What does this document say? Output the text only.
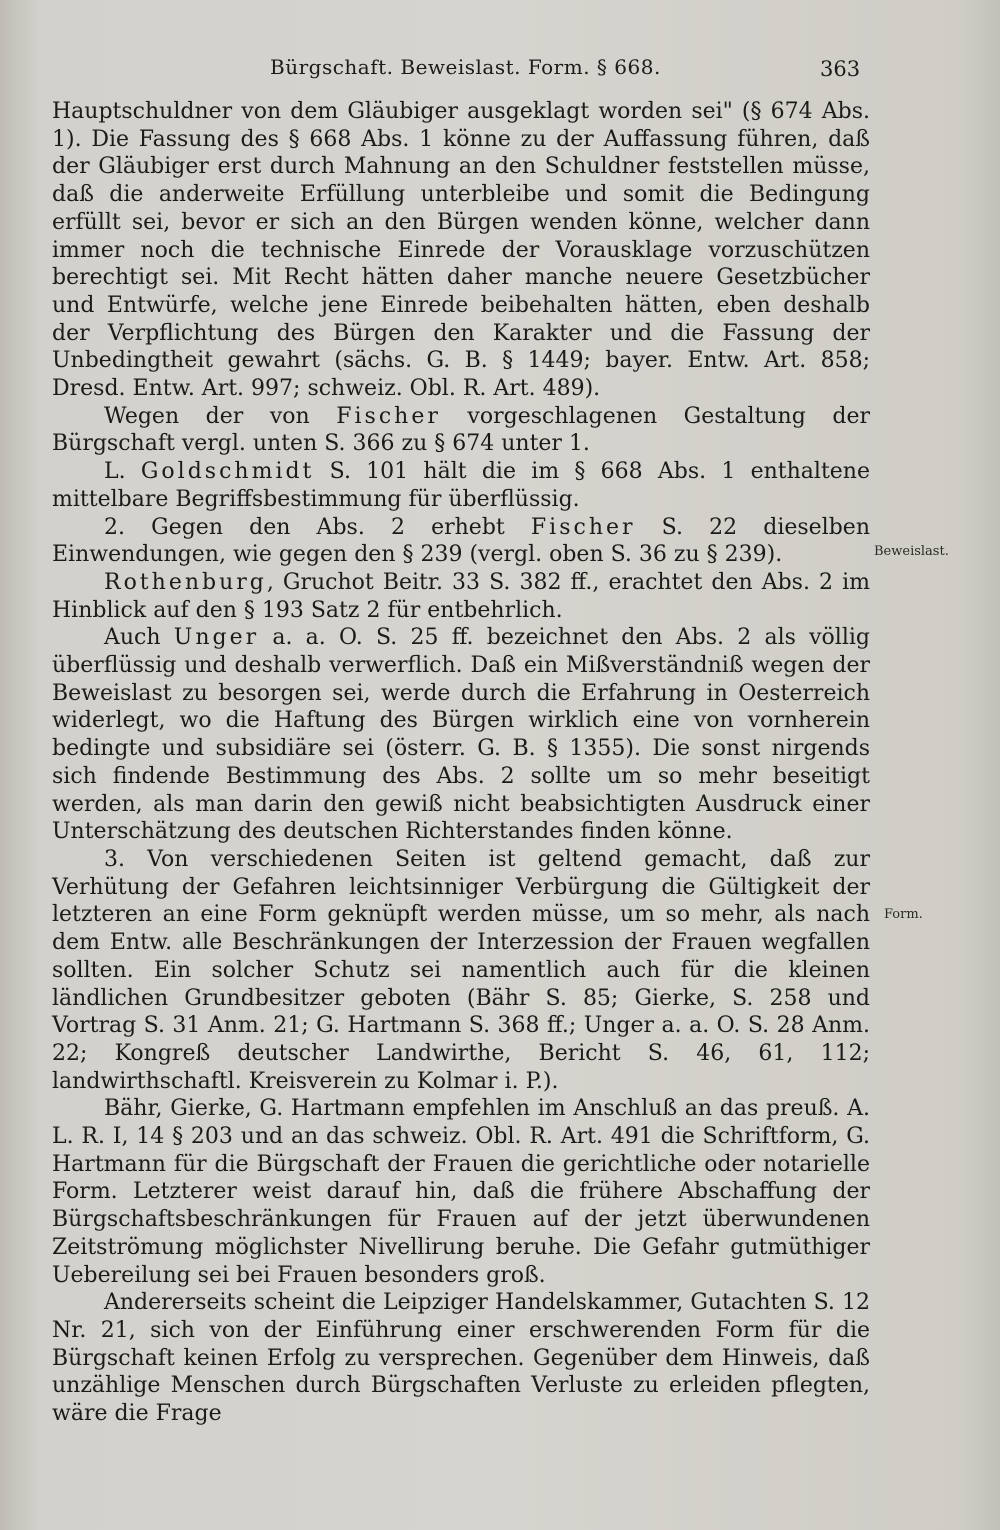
Bürgschaft. Beweislast. Form. § 668.	363

Hauptschuldner von dem Gläubiger ausgeklagt worden sei" (§ 674 Abs. 1). Die Fassung des § 668 Abs. 1 könne zu der Auffassung führen, daß der Gläubiger erst durch Mahnung an den Schuldner feststellen müsse, daß die anderweite Erfüllung unterbleibe und somit die Bedingung erfüllt sei, bevor er sich an den Bürgen wenden könne, welcher dann immer noch die technische Einrede der Vorausklage vorzuschützen berechtigt sei. Mit Recht hätten daher manche neuere Gesetzbücher und Entwürfe, welche jene Einrede beibehalten hätten, eben deshalb der Verpflichtung des Bürgen den Karakter und die Fassung der Unbedingtheit gewahrt (sächs. G. B. § 1449; bayer. Entw. Art. 858; Dresd. Entw. Art. 997; schweiz. Obl. R. Art. 489).

Wegen der von Fischer vorgeschlagenen Gestaltung der Bürgschaft vergl. unten S. 366 zu § 674 unter 1.

L. Goldschmidt S. 101 hält die im § 668 Abs. 1 enthaltene mittelbare Begriffsbestimmung für überflüssig.

2. Gegen den Abs. 2 erhebt Fischer S. 22 dieselben Einwendungen, wie gegen den § 239 (vergl. oben S. 36 zu § 239).

Rothenburg, Gruchot Beitr. 33 S. 382 ff., erachtet den Abs. 2 im Hinblick auf den § 193 Satz 2 für entbehrlich.

Auch Unger a. a. O. S. 25 ff. bezeichnet den Abs. 2 als völlig überflüssig und deshalb verwerflich. Daß ein Mißverständniß wegen der Beweislast zu besorgen sei, werde durch die Erfahrung in Oesterreich widerlegt, wo die Haftung des Bürgen wirklich eine von vornherein bedingte und subsidiäre sei (österr. G. B. § 1355). Die sonst nirgends sich findende Bestimmung des Abs. 2 sollte um so mehr beseitigt werden, als man darin den gewiß nicht beabsichtigten Ausdruck einer Unterschätzung des deutschen Richterstandes finden könne.

3. Von verschiedenen Seiten ist geltend gemacht, daß zur Verhütung der Gefahren leichtsinniger Verbürgung die Gültigkeit der letzteren an eine Form geknüpft werden müsse, um so mehr, als nach dem Entw. alle Beschränkungen der Interzession der Frauen wegfallen sollten. Ein solcher Schutz sei namentlich auch für die kleinen ländlichen Grundbesitzer geboten (Bähr S. 85; Gierke, S. 258 und Vortrag S. 31 Anm. 21; G. Hartmann S. 368 ff.; Unger a. a. O. S. 28 Anm. 22; Kongreß deutscher Landwirthe, Bericht S. 46, 61, 112; landwirthschaftl. Kreisverein zu Kolmar i. P.).

Bähr, Gierke, G. Hartmann empfehlen im Anschluß an das preuß. A. L. R. I, 14 § 203 und an das schweiz. Obl. R. Art. 491 die Schriftform, G. Hartmann für die Bürgschaft der Frauen die gerichtliche oder notarielle Form. Letzterer weist darauf hin, daß die frühere Abschaffung der Bürgschaftsbeschränkungen für Frauen auf der jetzt überwundenen Zeitströmung möglichster Nivellirung beruhe. Die Gefahr gutmüthiger Uebereilung sei bei Frauen besonders groß.

Andererseits scheint die Leipziger Handelskammer, Gutachten S. 12 Nr. 21, sich von der Einführung einer erschwerenden Form für die Bürgschaft keinen Erfolg zu versprechen. Gegenüber dem Hinweis, daß unzählige Menschen durch Bürgschaften Verluste zu erleiden pflegten, wäre die Frage

Beweislast.
Form.
